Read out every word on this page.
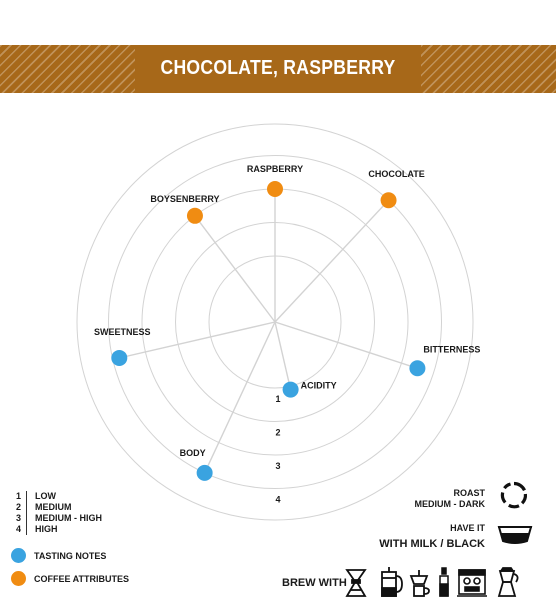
CHOCOLATE, RASPBERRY
1
2
3
4
RASPBERRY
CHOCOLATE
BITTERNESS
ACIDITY
BODY
SWEETNESS
BOYSENBERRY
1	LOW
2	MEDIUM
3	MEDIUM - HIGH
4	HIGH
TASTING NOTES
COFFEE ATTRIBUTES
ROAST
MEDIUM - DARK
HAVE IT
WITH MILK / BLACK
BREW WITH
